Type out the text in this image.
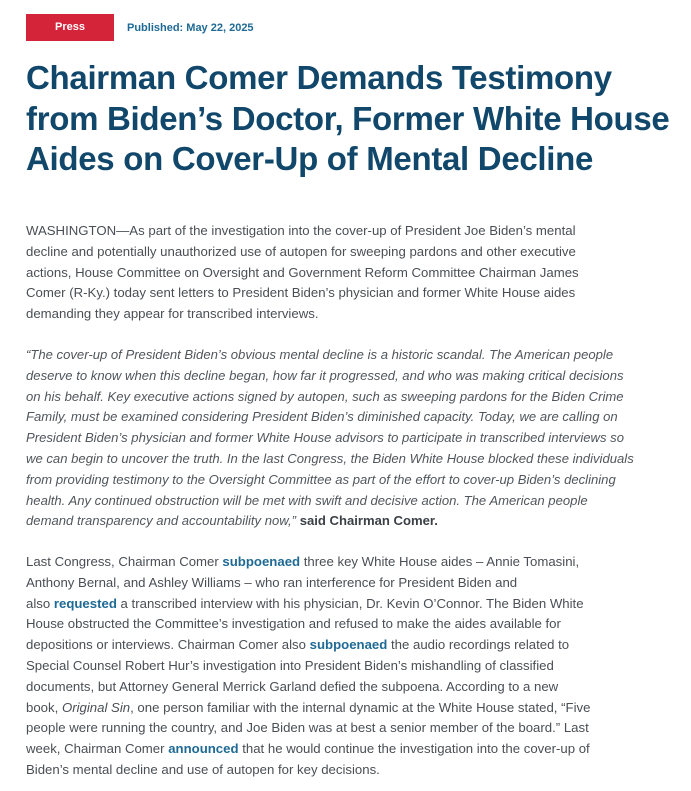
Press Release
Published: May 22, 2025
Chairman Comer Demands Testimony
from Biden’s Doctor, Former White House
Aides on Cover-Up of Mental Decline

WASHINGTON—As part of the investigation into the cover-up of President Joe Biden’s mental
decline and potentially unauthorized use of autopen for sweeping pardons and other executive
actions, House Committee on Oversight and Government Reform Committee Chairman James
Comer (R-Ky.) today sent letters to President Biden’s physician and former White House aides
demanding they appear for transcribed interviews.

“The cover-up of President Biden’s obvious mental decline is a historic scandal. The American people
deserve to know when this decline began, how far it progressed, and who was making critical decisions
on his behalf. Key executive actions signed by autopen, such as sweeping pardons for the Biden Crime
Family, must be examined considering President Biden’s diminished capacity. Today, we are calling on
President Biden’s physician and former White House advisors to participate in transcribed interviews so
we can begin to uncover the truth. In the last Congress, the Biden White House blocked these individuals
from providing testimony to the Oversight Committee as part of the effort to cover-up Biden’s declining
health. Any continued obstruction will be met with swift and decisive action. The American people
demand transparency and accountability now,” said Chairman Comer.

Last Congress, Chairman Comer subpoenaed three key White House aides – Annie Tomasini,
Anthony Bernal, and Ashley Williams – who ran interference for President Biden and
also requested a transcribed interview with his physician, Dr. Kevin O’Connor. The Biden White
House obstructed the Committee’s investigation and refused to make the aides available for
depositions or interviews. Chairman Comer also subpoenaed the audio recordings related to
Special Counsel Robert Hur’s investigation into President Biden’s mishandling of classified
documents, but Attorney General Merrick Garland defied the subpoena. According to a new
book, Original Sin, one person familiar with the internal dynamic at the White House stated, “Five
people were running the country, and Joe Biden was at best a senior member of the board.” Last
week, Chairman Comer announced that he would continue the investigation into the cover-up of
Biden’s mental decline and use of autopen for key decisions.
